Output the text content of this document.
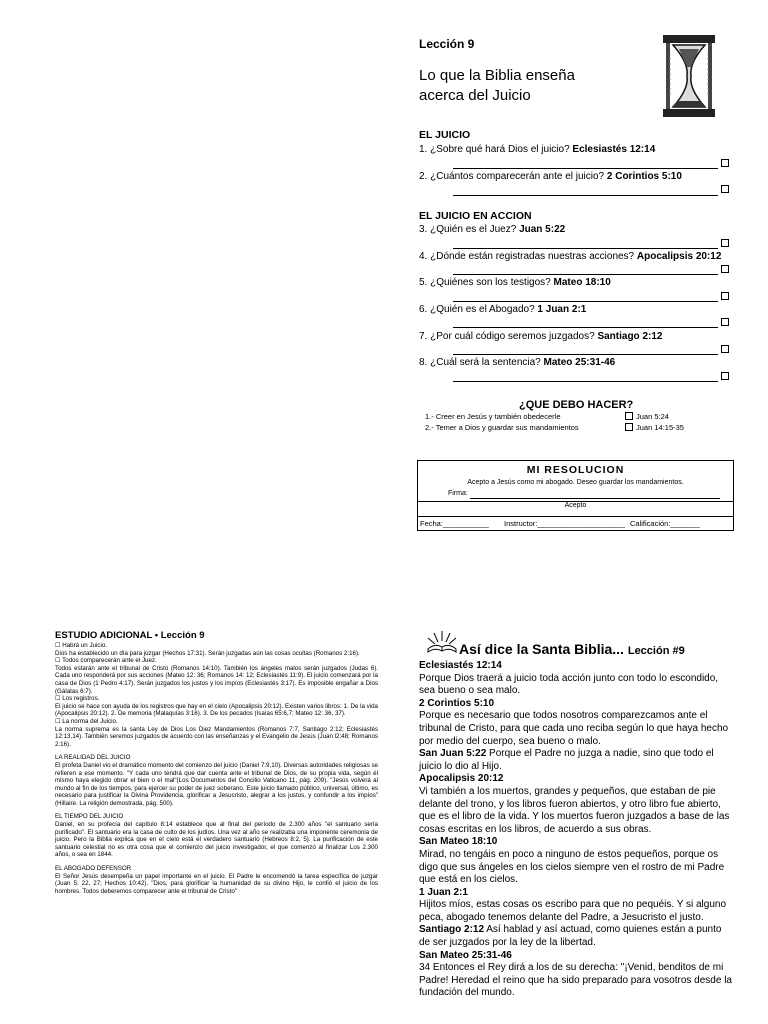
Lección 9
Lo que la Biblia enseña
acerca del Juicio
EL JUICIO
1. ¿Sobre qué hará Dios el juicio? Eclesiastés 12:14
2. ¿Cuántos comparecerán ante el juicio? 2 Corintios 5:10
EL JUICIO EN ACCION
3. ¿Quién es el Juez? Juan 5:22
4. ¿Dónde están registradas nuestras acciones? Apocalipsis 20:12
5. ¿Quiénes son los testigos? Mateo 18:10
6. ¿Quién es el Abogado? 1 Juan 2:1
7. ¿Por cuál código seremos juzgados? Santiago 2:12
8. ¿Cuál será la sentencia? Mateo 25:31-46
¿QUE DEBO HACER?
1.- Creer en Jesús y también obedecerle	Juan 5:24
2.- Temer a Dios y guardar sus mandamientos	Juan 14:15-35
MI RESOLUCION
Acepto a Jesús como mi abogado. Deseo guardar los mandamientos.
Firma:
Acepto
Fecha:___________ Instructor:_____________________ Calificación:_______
ESTUDIO ADICIONAL • Lección 9

☐ Habrá un Juicio.

Dios ha establecido un día para juzgar (Hechos 17:31). Serán juzgadas aún las cosas ocultas (Romanos 2:16).

☐ Todos comparecerán ante el Juez.

Todos estarán ante el tribunal de Cristo (Romanos 14:10). También los ángeles malos serán juzgados (Judas 6). Cada uno responderá por sus acciones (Mateo 12: 36; Romanos 14: 12; Eclesiastés 11:9). El juicio comenzará por la casa de Dios (1 Pedro 4:17). Serán juzgados los justos y los impíos (Eclesiastés 3:17). Es imposible engañar a Dios (Gálatas 6:7).

☐ Los registros.

El juicio se hace con ayuda de los registros que hay en el cielo (Apocalipsis 20:12). Existen varios libros: 1. De la vida (Apocalipsis 20:12). 2. De memoria (Malaquías 3:16). 3. De los pecados (Isaías 65:6,7; Mateo 12: 36, 37).

☐ La norma del Juicio.

La norma suprema es la santa Ley de Dios Los Diez Mandamientos (Romanos 7:7, Santiago 2:12; Eclesiastés 12:13,14). También seremos juzgados de acuerdo con las enseñanzas y el Evangelio de Jesús (Juan l2:48; Romanos 2:16).

LA REALIDAD DEL JUICIO

El profeta Daniel vio el dramático momento del comienzo del juicio (Daniel 7:9,10). Diversas autoridades religiosas se refieren a ese momento. "Y cada uno tendrá que dar cuenta ante el tribunal de Dios, de su propia vida, según él mismo haya elegido obrar el bien o el mal"(Los Documentos del Concilio Vaticano 11, pág. 209). "Jesús volverá al mundo al fin de los tiempos, para ejercer su poder de juez soberano. Este juicio llamado público, universal, último, es necesario para justificar la Divina Providencia, glorificar a Jesucristo, alegrar a los justos, y confundir a los impíos" (Hillaire. La religión demostrada, pág. 500).

EL TIEMPO DEL JUICIO

Daniel, en su profecía del capítulo 8:14 establece que al final del período de 2.300 años "el santuario sería purificado". El santuario era la casa de culto de los judíos. Una vez al año se realizaba una imponente ceremonia de juicio. Pero la Biblia explica que en el cielo está el verdadero santuario (Hebreos 8:2, 5). La purificación de este santuario celestial no es otra cosa que el comienzo del juicio investigador, el que comenzó al finalizar Los 2.300 años, o sea en 1844.

EL ABOGADO DEFENSOR

El Señor Jesús desempeña un papel importante en el juicio. El Padre le encomendó la tarea específica de juzgar (Juan 5: 22, 27; Hechos 10:42). "Dios, para glorificar la humanidad de su divino Hijo, le confió el juicio de los hombres. Todos deberemos comparecer ante el tribunal de Cristo"

Así dice la Santa Biblia... Lección #9
Eclesiastés 12:14
Porque Dios traerá a juicio toda acción junto con todo lo escondido, sea bueno o sea malo.
2 Corintios 5:10
Porque es necesario que todos nosotros comparezcamos ante el tribunal de Cristo, para que cada uno reciba según lo que haya hecho por medio del cuerpo, sea bueno o malo.
San Juan 5:22 Porque el Padre no juzga a nadie, sino que todo el juicio lo dio al Hijo.
Apocalipsis 20:12
Vi también a los muertos, grandes y pequeños, que estaban de pie delante del trono, y los libros fueron abiertos, y otro libro fue abierto, que es el libro de la vida. Y los muertos fueron juzgados a base de las cosas escritas en los libros, de acuerdo a sus obras.
San Mateo 18:10
Mirad, no tengáis en poco a ninguno de estos pequeños, porque os digo que sus ángeles en los cielos siempre ven el rostro de mi Padre que está en los cielos.
1 Juan 2:1
Hijitos míos, estas cosas os escribo para que no pequéis. Y si alguno peca, abogado tenemos delante del Padre, a Jesucristo el justo.
Santiago 2:12 Así hablad y así actuad, como quienes están a punto de ser juzgados por la ley de la libertad.
San Mateo 25:31-46
34 Entonces el Rey dirá a los de su derecha: "¡Venid, benditos de mi Padre! Heredad el reino que ha sido preparado para vosotros desde la fundación del mundo.
